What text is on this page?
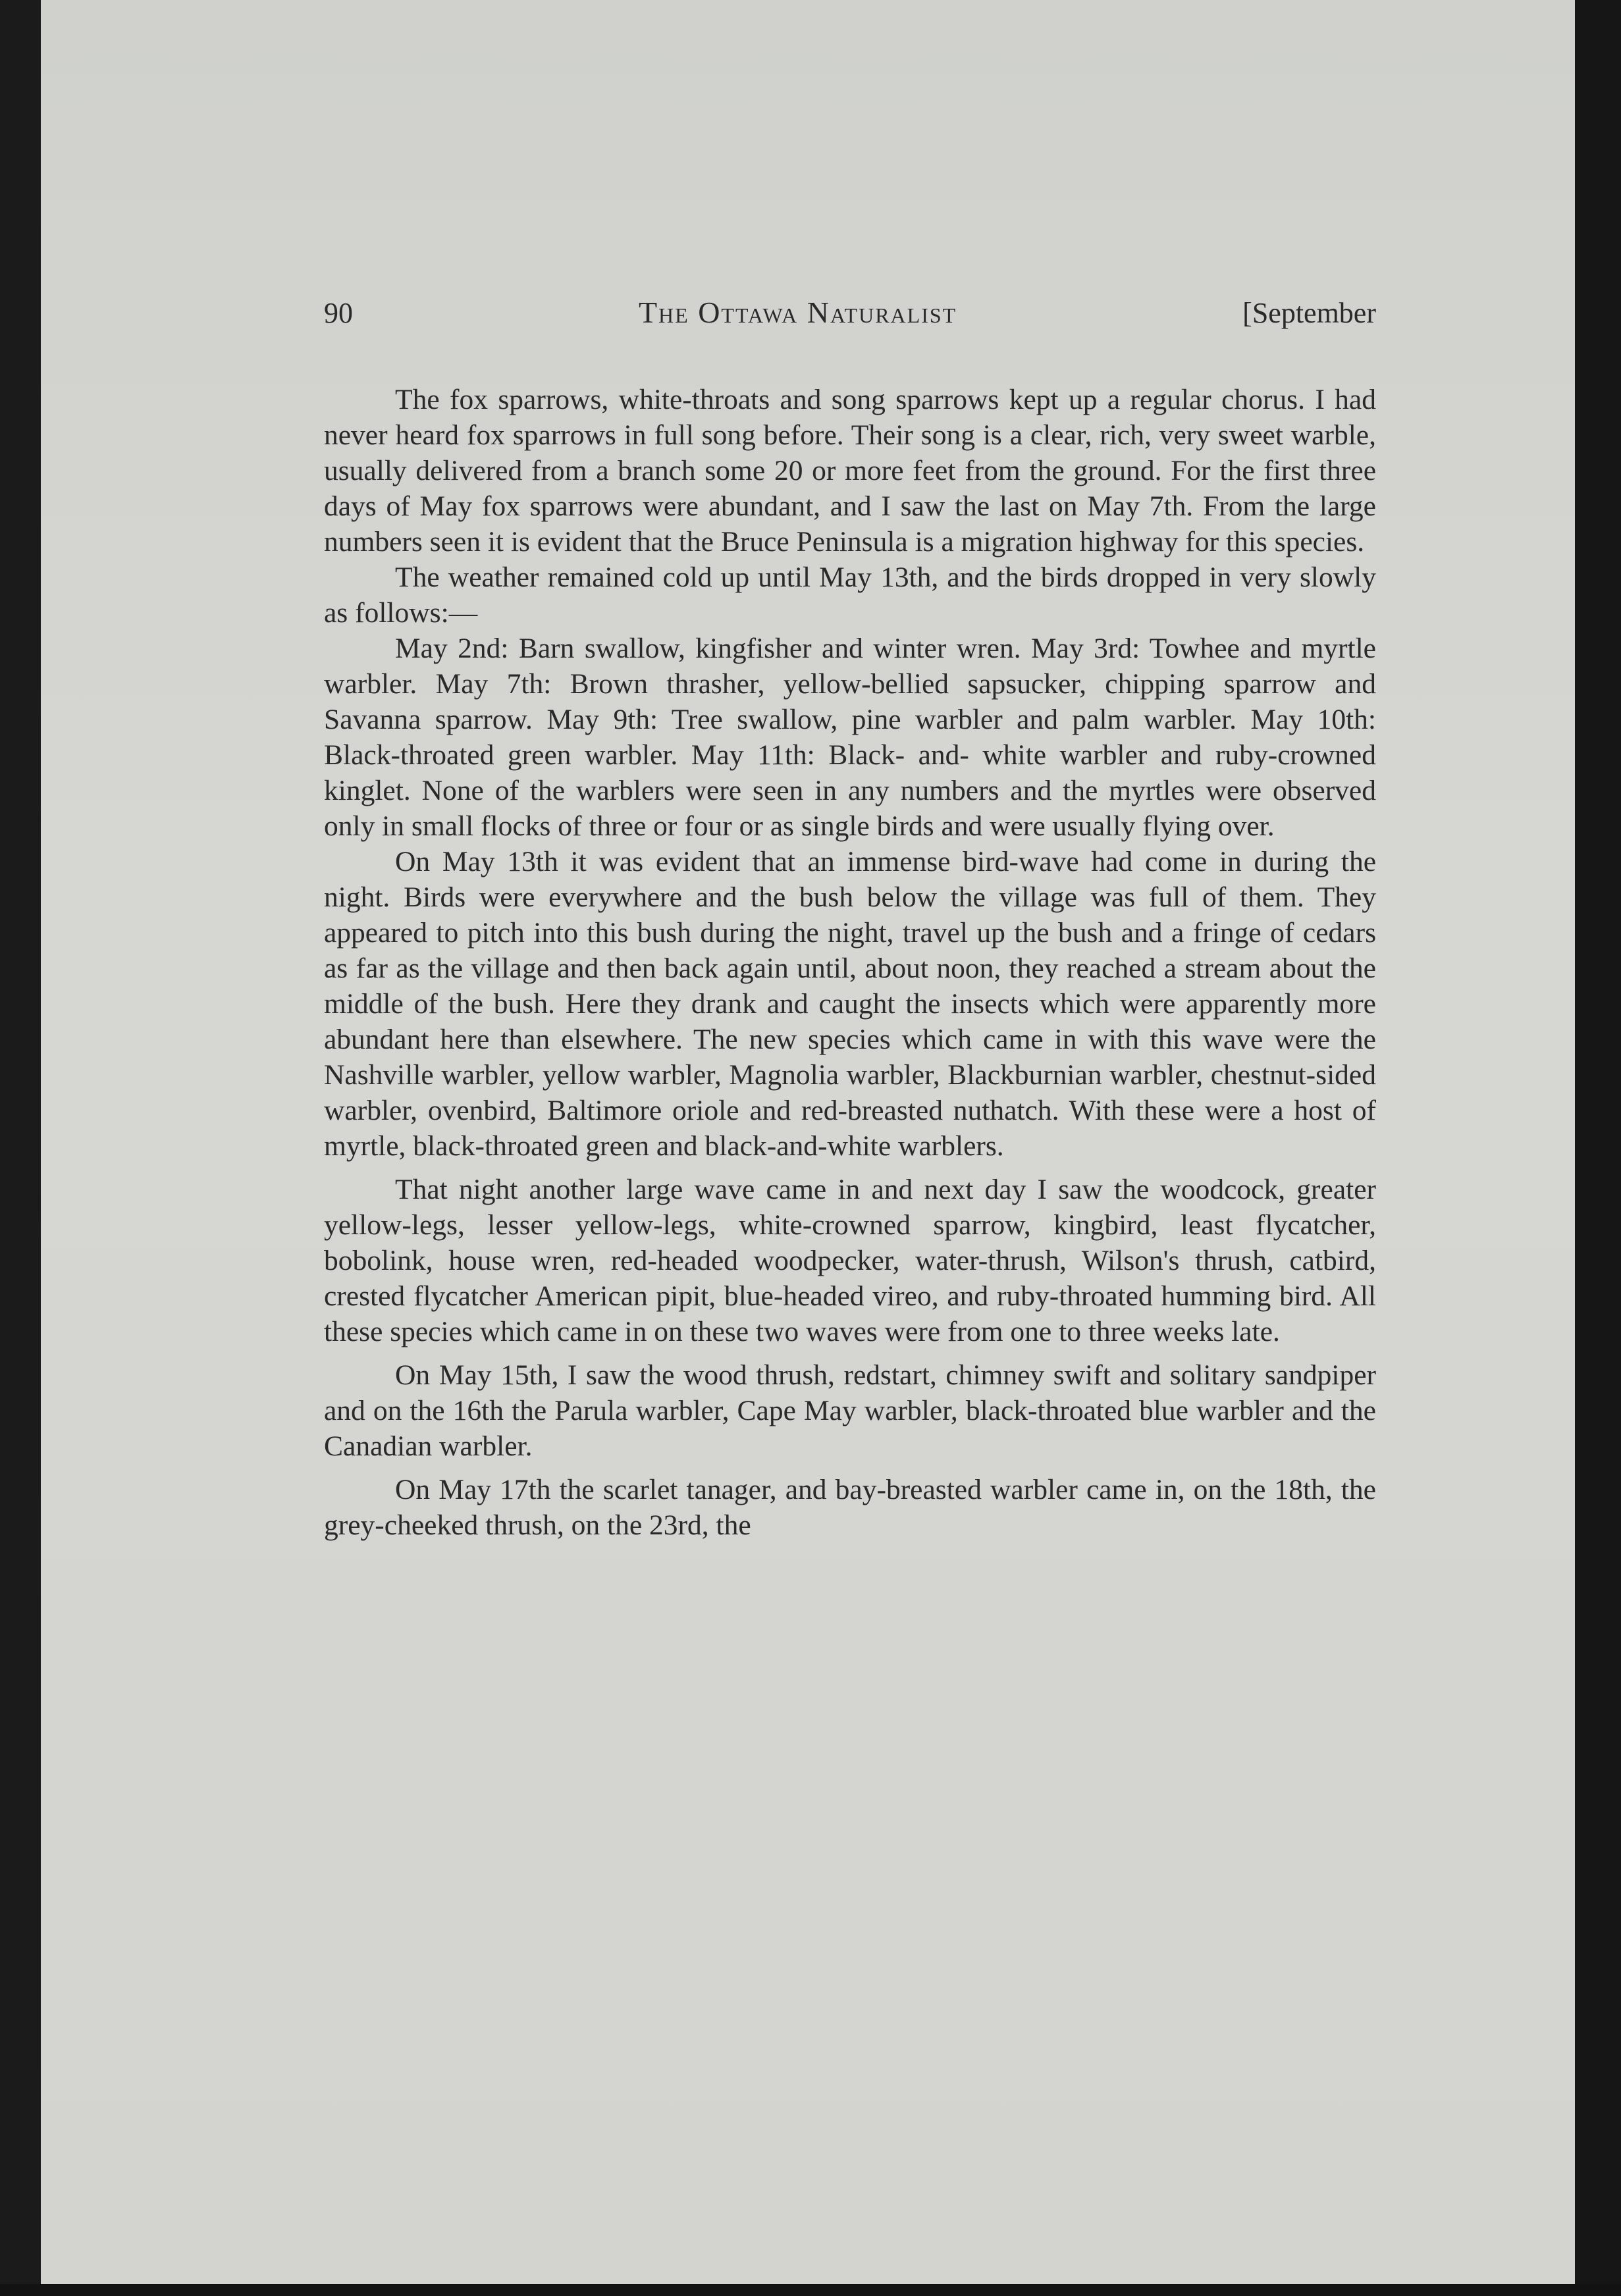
90	The Ottawa Naturalist	[September

The fox sparrows, white-throats and song sparrows kept up a regular chorus. I had never heard fox sparrows in full song before. Their song is a clear, rich, very sweet warble, usually delivered from a branch some 20 or more feet from the ground. For the first three days of May fox sparrows were abundant, and I saw the last on May 7th. From the large numbers seen it is evident that the Bruce Peninsula is a migration highway for this species.

The weather remained cold up until May 13th, and the birds dropped in very slowly as follows:—

May 2nd: Barn swallow, kingfisher and winter wren. May 3rd: Towhee and myrtle warbler. May 7th: Brown thrasher, yellow-bellied sapsucker, chipping sparrow and Savanna sparrow. May 9th: Tree swallow, pine warbler and palm warbler. May 10th: Black-throated green warbler. May 11th: Black- and- white warbler and ruby-crowned kinglet. None of the warblers were seen in any numbers and the myrtles were observed only in small flocks of three or four or as single birds and were usually flying over.

On May 13th it was evident that an immense bird-wave had come in during the night. Birds were everywhere and the bush below the village was full of them. They appeared to pitch into this bush during the night, travel up the bush and a fringe of cedars as far as the village and then back again until, about noon, they reached a stream about the middle of the bush. Here they drank and caught the insects which were apparently more abundant here than elsewhere. The new species which came in with this wave were the Nashville warbler, yellow warbler, Magnolia warbler, Blackburnian warbler, chestnut-sided warbler, ovenbird, Baltimore oriole and red-breasted nuthatch. With these were a host of myrtle, black-throated green and black-and-white warblers.

That night another large wave came in and next day I saw the woodcock, greater yellow-legs, lesser yellow-legs, white-crowned sparrow, kingbird, least flycatcher, bobolink, house wren, red-headed woodpecker, water-thrush, Wilson's thrush, catbird, crested flycatcher American pipit, blue-headed vireo, and ruby-throated humming bird. All these species which came in on these two waves were from one to three weeks late.

On May 15th, I saw the wood thrush, redstart, chimney swift and solitary sandpiper and on the 16th the Parula warbler, Cape May warbler, black-throated blue warbler and the Canadian warbler.

On May 17th the scarlet tanager, and bay-breasted warbler came in, on the 18th, the grey-cheeked thrush, on the 23rd, the
